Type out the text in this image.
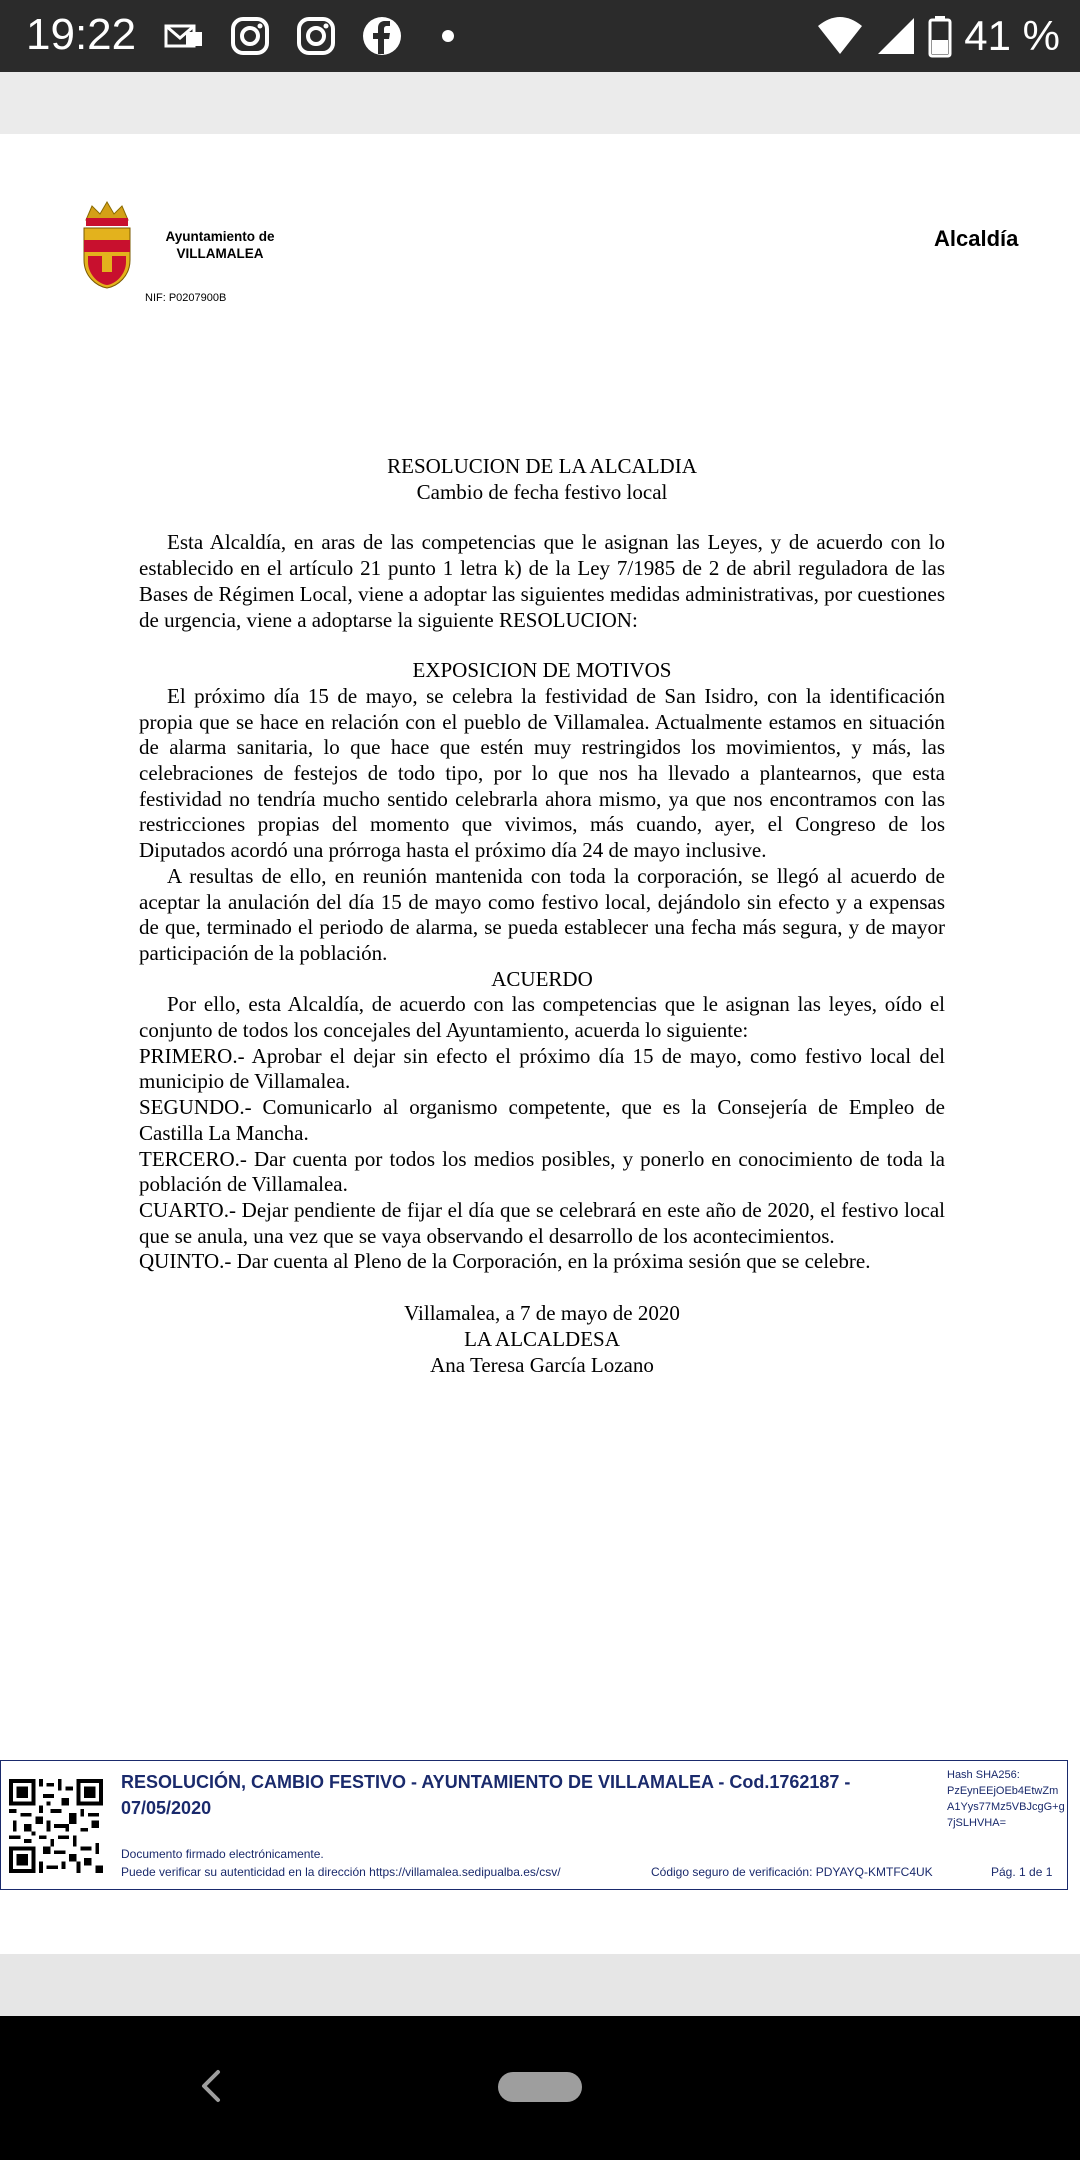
19:22	41 %
Ayuntamiento de
VILLAMALEA
NIF: P0207900B
Alcaldía
RESOLUCION DE LA ALCALDIA
Cambio de fecha festivo local

Esta Alcaldía, en aras de las competencias que le asignan las Leyes, y de acuerdo con lo establecido en el artículo 21 punto 1 letra k) de la Ley 7/1985 de 2 de abril reguladora de las Bases de Régimen Local, viene a adoptar las siguientes medidas administrativas, por cuestiones de urgencia, viene a adoptarse la siguiente RESOLUCION:

EXPOSICION DE MOTIVOS

El próximo día 15 de mayo, se celebra la festividad de San Isidro, con la identificación propia que se hace en relación con el pueblo de Villamalea. Actualmente estamos en situación de alarma sanitaria, lo que hace que estén muy restringidos los movimientos, y más, las celebraciones de festejos de todo tipo, por lo que nos ha llevado a plantearnos, que esta festividad no tendría mucho sentido celebrarla ahora mismo, ya que nos encontramos con las restricciones propias del momento que vivimos, más cuando, ayer, el Congreso de los Diputados acordó una prórroga hasta el próximo día 24 de mayo inclusive.

A resultas de ello, en reunión mantenida con toda la corporación, se llegó al acuerdo de aceptar la anulación del día 15 de mayo como festivo local, dejándolo sin efecto y a expensas de que, terminado el periodo de alarma, se pueda establecer una fecha más segura, y de mayor participación de la población.

ACUERDO

Por ello, esta Alcaldía, de acuerdo con las competencias que le asignan las leyes, oído el conjunto de todos los concejales del Ayuntamiento, acuerda lo siguiente:

PRIMERO.- Aprobar el dejar sin efecto el próximo día 15 de mayo, como festivo local del municipio de Villamalea.

SEGUNDO.- Comunicarlo al organismo competente, que es la Consejería de Empleo de Castilla La Mancha.

TERCERO.- Dar cuenta por todos los medios posibles, y ponerlo en conocimiento de toda la población de Villamalea.

CUARTO.- Dejar pendiente de fijar el día que se celebrará en este año de 2020, el festivo local que se anula, una vez que se vaya observando el desarrollo de los acontecimientos.

QUINTO.- Dar cuenta al Pleno de la Corporación, en la próxima sesión que se celebre.

Villamalea, a 7 de mayo de 2020
LA ALCALDESA
Ana Teresa García Lozano
RESOLUCIÓN, CAMBIO FESTIVO - AYUNTAMIENTO DE VILLAMALEA - Cod.1762187 - 07/05/2020
Hash SHA256:
PzEynEEjOEb4EtwZmA1Yys77Mz5VBJcgG+g7jSLHVHA=
Documento firmado electrónicamente.
Puede verificar su autenticidad en la dirección https://villamalea.sedipualba.es/csv/	Código seguro de verificación: PDYAYQ-KMTFC4UK	Pág. 1 de 1
